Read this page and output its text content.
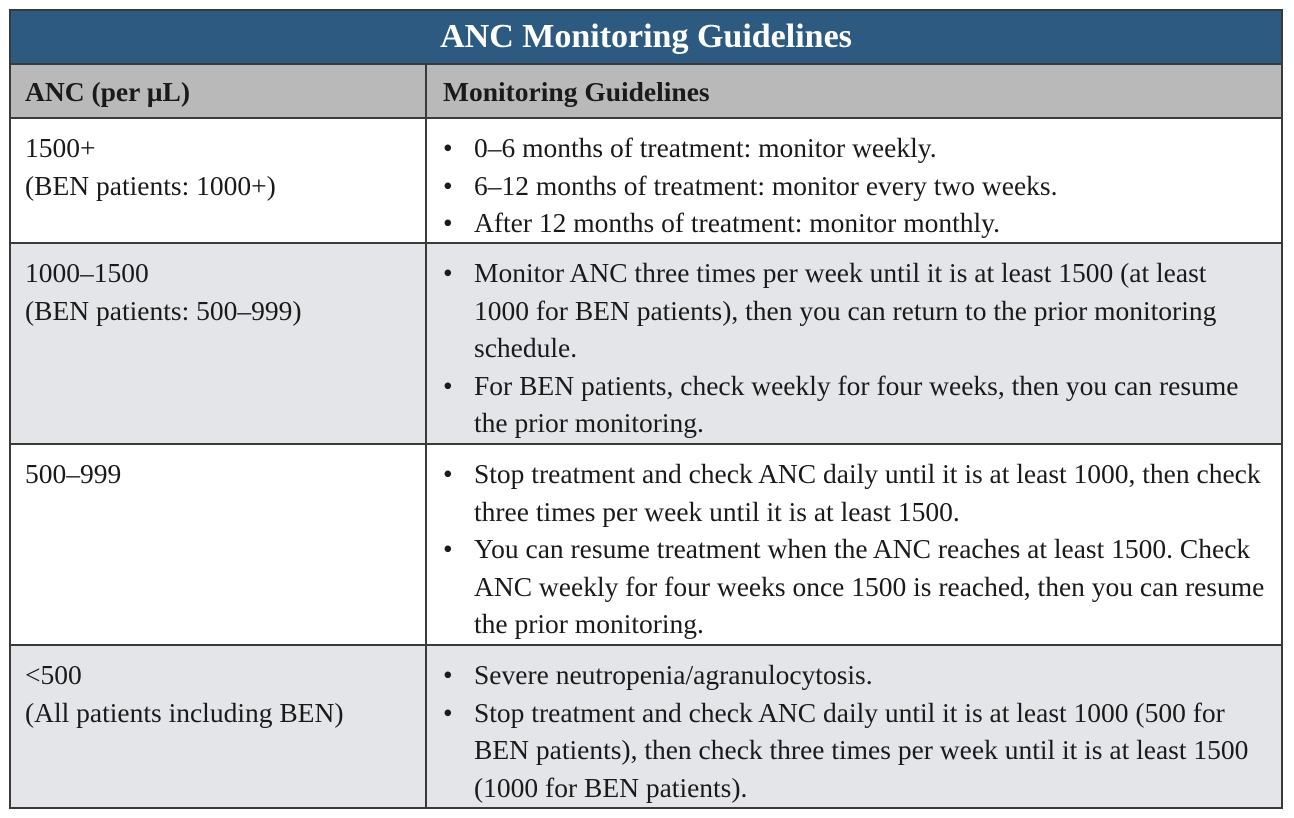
ANC Monitoring Guidelines
ANC (per µL)	Monitoring Guidelines
1500+
(BEN patients: 1000+)
• 0–6 months of treatment: monitor weekly.
• 6–12 months of treatment: monitor every two weeks.
• After 12 months of treatment: monitor monthly.
1000–1500
(BEN patients: 500–999)
• Monitor ANC three times per week until it is at least 1500 (at least 1000 for BEN patients), then you can return to the prior monitoring schedule.
• For BEN patients, check weekly for four weeks, then you can resume the prior monitoring.
500–999
•	Stop treatment and check ANC daily until it is at least 1000, then check three times per week until it is at least 1500.
• You can resume treatment when the ANC reaches at least 1500. Check ANC weekly for four weeks once 1500 is reached, then you can resume the prior monitoring.
<500
(All patients including BEN)
• Severe neutropenia/agranulocytosis.
• Stop treatment and check ANC daily until it is at least 1000 (500 for BEN patients), then check three times per week until it is at least 1500 (1000 for BEN patients).
